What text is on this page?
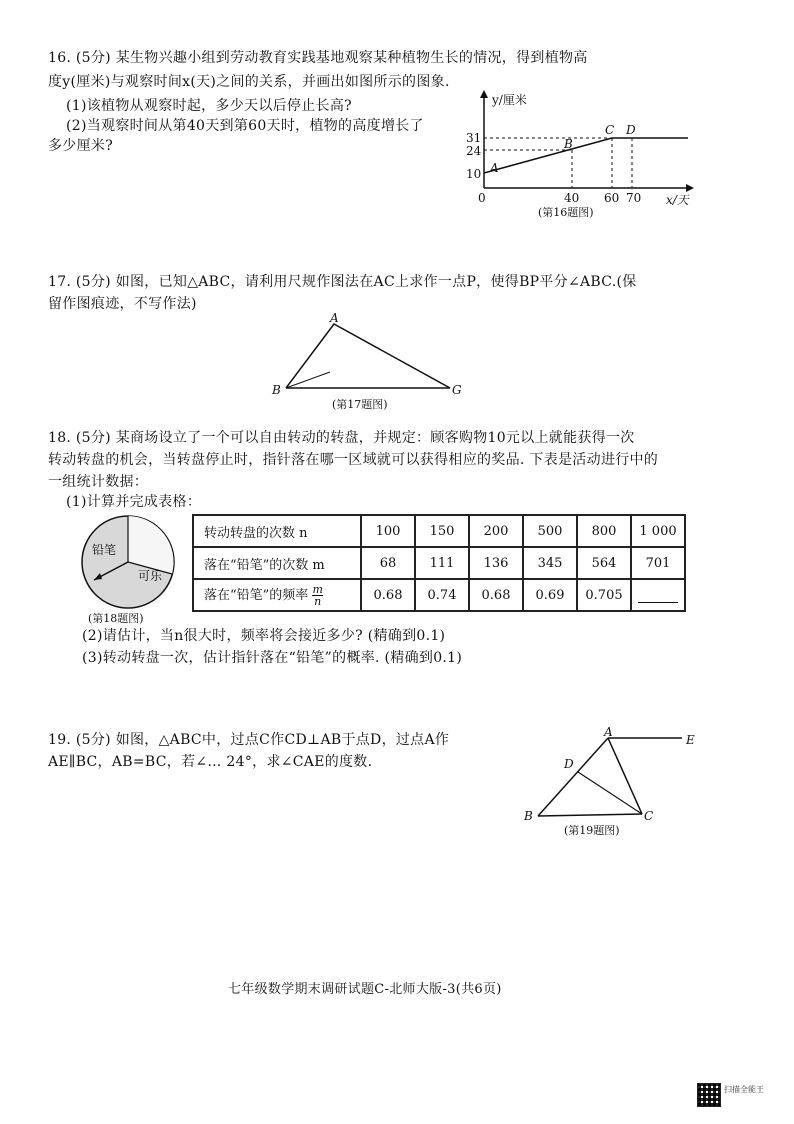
16. (5分) 某生物兴趣小组到劳动教育实践基地观察某种植物生长的情况，得到植物高
度y(厘米)与观察时间x(天)之间的关系，并画出如图所示的图象.
(1)该植物从观察时起，多少天以后停止长高?
(2)当观察时间从第40天到第60天时，植物的高度增长了
多少厘米?
y/厘米
x/天
0
31
24
10
40 60 70
A
B
C D
(第16题图)
17. (5分) 如图，已知△ABC，请利用尺规作图法在AC上求作一点P，使得BP平分∠ABC.(保
留作图痕迹，不写作法)
A
B	G
(第17题图)
18. (5分) 某商场设立了一个可以自由转动的转盘，并规定：顾客购物10元以上就能获得一次
转动转盘的机会，当转盘停止时，指针落在哪一区域就可以获得相应的奖品. 下表是活动进行中的
一组统计数据：
(1)计算并完成表格：
铅笔
可乐
(第18题图)
转动转盘的次数 n	100	150	200	500	800	1 000
落在“铅笔”的次数 m	68	111	136	345	564	701
落在“铅笔”的频率 $\frac{m}{n}$	0.68	0.74	0.68	0.69	0.705	
(2)请估计，当n很大时，频率将会接近多少? (精确到0.1)
(3)转动转盘一次，估计指针落在“铅笔”的概率. (精确到0.1)
19. (5分) 如图，△ABC中，过点C作CD⊥AB于点D，过点A作
AE∥BC，AB=BC，若∠… 24°，求∠CAE的度数.
A
E
D
B	C
(第19题图)
七年级数学期末调研试题C-北师大版-3(共6页)
扫描全能王
